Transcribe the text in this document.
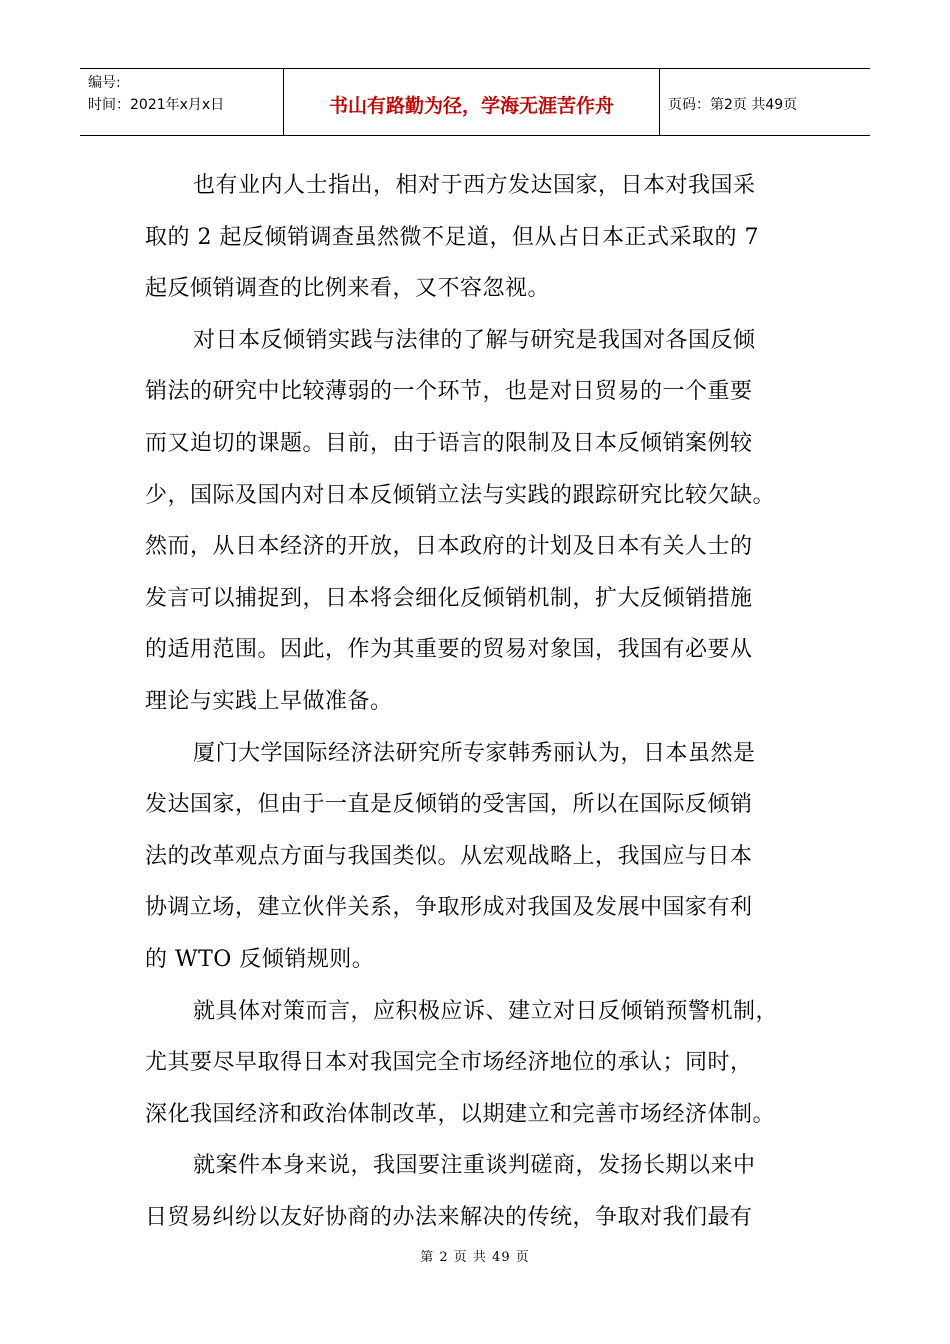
编号:
时间：2021年x月x日	书山有路勤为径，学海无涯苦作舟	页码：第2页 共49页
也有业内人士指出，相对于西方发达国家，日本对我国采
取的 2 起反倾销调查虽然微不足道，但从占日本正式采取的 7
起反倾销调查的比例来看，又不容忽视。
对日本反倾销实践与法律的了解与研究是我国对各国反倾
销法的研究中比较薄弱的一个环节，也是对日贸易的一个重要
而又迫切的课题。目前，由于语言的限制及日本反倾销案例较
少，国际及国内对日本反倾销立法与实践的跟踪研究比较欠缺。
然而，从日本经济的开放，日本政府的计划及日本有关人士的
发言可以捕捉到，日本将会细化反倾销机制，扩大反倾销措施
的适用范围。因此，作为其重要的贸易对象国，我国有必要从
理论与实践上早做准备。
厦门大学国际经济法研究所专家韩秀丽认为，日本虽然是
发达国家，但由于一直是反倾销的受害国，所以在国际反倾销
法的改革观点方面与我国类似。从宏观战略上，我国应与日本
协调立场，建立伙伴关系，争取形成对我国及发展中国家有利
的 WTO 反倾销规则。
就具体对策而言，应积极应诉、建立对日反倾销预警机制，
尤其要尽早取得日本对我国完全市场经济地位的承认；同时，
深化我国经济和政治体制改革，以期建立和完善市场经济体制。
就案件本身来说，我国要注重谈判磋商，发扬长期以来中
日贸易纠纷以友好协商的办法来解决的传统，争取对我们最有
第 2 页 共 49 页
